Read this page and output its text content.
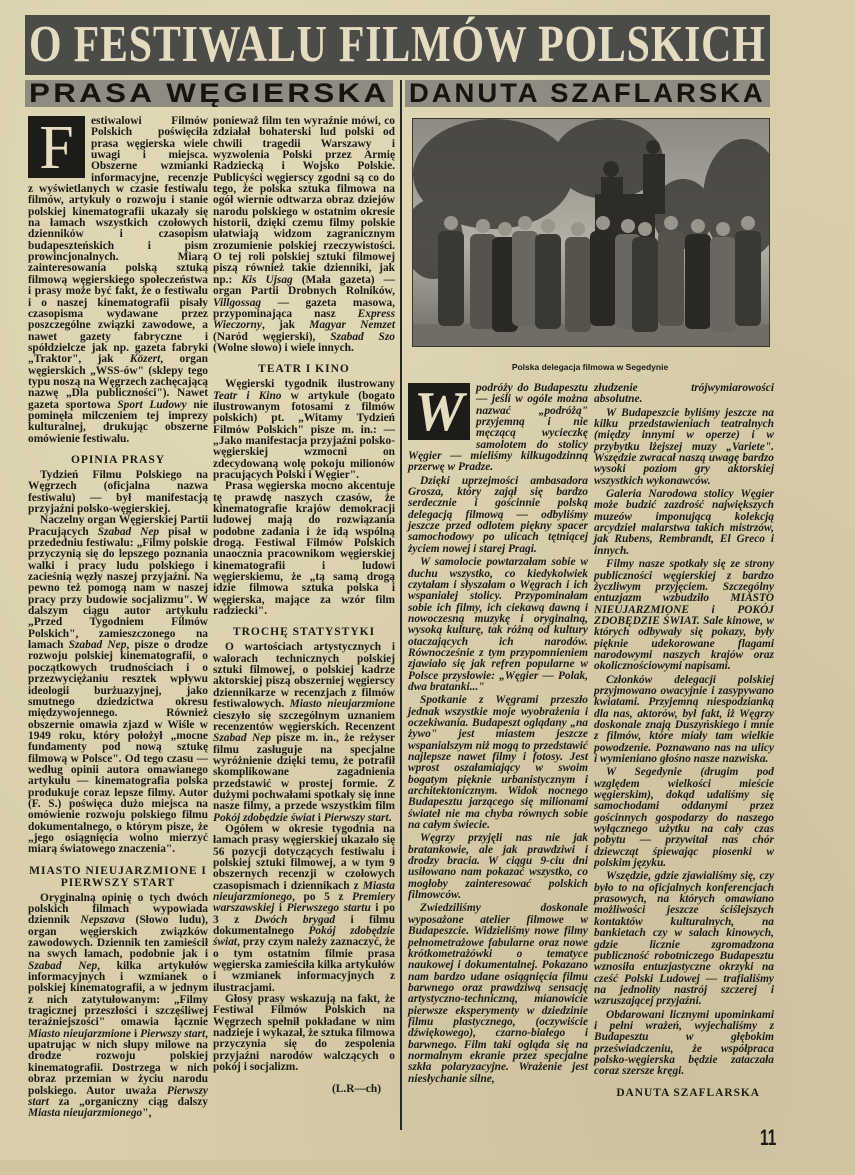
O FESTIWALU FILMÓW POLSKICH
PRASA WĘGIERSKA DANUTA SZAFLARSKA

F	estiwalowi Filmów Polskich poświęciła prasa węgierska wiele uwagi i miejsca. Obszerne wzmianki informacyjne, recenzje z wyświetlanych w czasie festiwalu filmów, artykuły o rozwoju i stanie polskiej kinematografii ukazały się na łamach wszystkich czołowych dzienników i czasopism budapeszteńskich i pism prowincjonalnych. Miarą zainteresowania polską sztuką filmową węgierskiego społeczeństwa i prasy może być fakt, że o festiwalu i o naszej kinematografii pisały czasopisma wydawane przez poszczególne związki zawodowe, a nawet gazety fabryczne i spółdzielcze jak np. gazeta fabryki „Traktor", jak Közert, organ węgierskich „WSS-ów" (sklepy tego typu noszą na Węgrzech zachęcającą nazwę „Dla publiczności"). Nawet gazeta sportowa Sport Ludowy nie pominęła milczeniem tej imprezy kulturalnej, drukując obszerne omówienie festiwalu.

OPINIA PRASY

Tydzień Filmu Polskiego na Węgrzech (oficjalna nazwa festiwalu) — był manifestacją przyjaźni polsko-węgierskiej.

Naczelny organ Węgierskiej Partii Pracujących Szabad Nep pisał w przededniu festiwalu: „Filmy polskie przyczynią się do lepszego poznania walki i pracy ludu polskiego i zacieśnią węzły naszej przyjaźni. Na pewno też pomogą nam w naszej pracy przy budowie socjalizmu". W dalszym ciągu autor artykułu „Przed Tygodniem Filmów Polskich", zamieszczonego na łamach Szabad Nep, pisze o drodze rozwoju polskiej kinematografii, o początkowych trudnościach i o przezwyciężaniu resztek wpływu ideologii burżuazyjnej, jako smutnego dziedzictwa okresu międzywojennego. Również obszernie omawia zjazd w Wiśle w 1949 roku, który położył „mocne fundamenty pod nową sztukę filmową w Polsce". Od tego czasu — według opinii autora omawianego artykułu — kinematografia polska produkuje coraz lepsze filmy. Autor (F. S.) poświęca dużo miejsca na omówienie rozwoju polskiego filmu dokumentalnego, o którym pisze, że „jego osiągnięcia wolno mierzyć miarą światowego znaczenia".

MIASTO NIEUJARZMIONE I PIERWSZY START

Oryginalną opinię o tych dwóch polskich filmach wypowiada dziennik Nepszava (Słowo ludu), organ węgierskich związków zawodowych. Dziennik ten zamieścił na swych łamach, podobnie jak i Szabad Nep, kilka artykułów informacyjnych i wzmianek o polskiej kinematografii, a w jednym z nich zatytułowanym: „Filmy tragicznej przeszłości i szczęśliwej teraźniejszości" omawia łącznie Miasto nieujarzmione i Pierwszy start, upatrując w nich słupy milowe na drodze rozwoju polskiej kinematografii. Dostrzega w nich obraz przemian w życiu narodu polskiego. Autor uważa Pierwszy start za „organiczny ciąg dalszy Miasta nieujarzmionego",

ponieważ film ten wyraźnie mówi, co zdziałał bohaterski lud polski od chwili tragedii Warszawy i wyzwolenia Polski przez Armię Radziecką i Wojsko Polskie. Publicyści węgierscy zgodni są co do tego, że polska sztuka filmowa na ogół wiernie odtwarza obraz dziejów narodu polskiego w ostatnim okresie historii, dzięki czemu filmy polskie ułatwiają widzom zagranicznym zrozumienie polskiej rzeczywistości. O tej roli polskiej sztuki filmowej piszą również takie dzienniki, jak np.: Kis Ujsag (Mała gazeta) — organ Partii Drobnych Rolników, Villgossag — gazeta masowa, przypominająca nasz Express Wieczorny, jak Magyar Nemzet (Naród węgierski), Szabad Szo (Wolne słowo) i wiele innych.

TEATR I KINO

Węgierski tygodnik ilustrowany Teatr i Kino w artykule (bogato ilustrowanym fotosami z filmów polskich) pt. „Witamy Tydzień Filmów Polskich" pisze m. in.: — „Jako manifestacja przyjaźni polsko-węgierskiej wzmocni on zdecydowaną wolę pokoju milionów pracujących Polski i Węgier".

Prasa węgierska mocno akcentuje tę prawdę naszych czasów, że kinematografie krajów demokracji ludowej mają do rozwiązania podobne zadania i że idą wspólną drogą. Festiwal Filmów Polskich unaocznia pracownikom węgierskiej kinematografii i ludowi węgierskiemu, że „tą samą drogą idzie filmowa sztuka polska i węgierska, mające za wzór film radziecki".

TROCHĘ STATYSTYKI

O wartościach artystycznych i walorach technicznych polskiej sztuki filmowej, o polskiej kadrze aktorskiej piszą obszerniej węgierscy dziennikarze w recenzjach z filmów festiwalowych. Miasto nieujarzmione cieszyło się szczególnym uznaniem recenzentów węgierskich. Recenzent Szabad Nep pisze m. in., że reżyser filmu zasługuje na specjalne wyróżnienie dzięki temu, że potrafił skomplikowane zagadnienia przedstawić w prostej formie. Z dużymi pochwałami spotkały się inne nasze filmy, a przede wszystkim film Pokój zdobędzie świat i Pierwszy start.

Ogółem w okresie tygodnia na łamach prasy węgierskiej ukazało się 56 pozycji dotyczących festiwalu i polskiej sztuki filmowej, a w tym 9 obszernych recenzji w czołowych czasopismach i dziennikach z Miasta nieujarzmionego, po 5 z Premiery warszawskiej i Pierwszego startu i po 3 z Dwóch brygad i filmu dokumentalnego Pokój zdobędzie świat, przy czym należy zaznaczyć, że o tym ostatnim filmie prasa węgierska zamieściła kilka artykułów i wzmianek informacyjnych z ilustracjami.

Głosy prasy wskazują na fakt, że Festiwal Filmów Polskich na Węgrzech spełnił pokładane w nim nadzieje i wykazał, że sztuka filmowa przyczynia się do zespolenia przyjaźni narodów walczących o pokój i socjalizm.

(L.R—ch)
Polska delegacja filmowa w Segedynie

W	podróży do Budapesztu — jeśli w ogóle można nazwać „podróżą" przyjemną i nie męczącą wycieczkę samolotem do stolicy Węgier — mieliśmy kilkugodzinną przerwę w Pradze.

Dzięki uprzejmości ambasadora Grosza, który zajął się bardzo serdecznie i gościnnie polską delegacją filmową — odbyliśmy jeszcze przed odlotem piękny spacer samochodowy po ulicach tętniącej życiem nowej i starej Pragi.

W samolocie powtarzałam sobie w duchu wszystko, co kiedykolwiek czytałam i słyszałam o Węgrach i ich wspaniałej stolicy. Przypominałam sobie ich filmy, ich ciekawą dawną i nowoczesną muzykę i oryginalną, wysoką kulturę, tak różną od kultury otaczających ich narodów. Równocześnie z tym przypomnieniem zjawiało się jak refren popularne w Polsce przysłowie: „Węgier — Polak, dwa bratanki..."

Spotkanie z Węgrami przeszło jednak wszystkie moje wyobrażenia i oczekiwania. Budapeszt oglądany „na żywo" jest miastem jeszcze wspanialszym niż mogą to przedstawić najlepsze nawet filmy i fotosy. Jest wprost oszałamiający w swoim bogatym pięknie urbanistycznym i architektonicznym. Widok nocnego Budapesztu jarzącego się milionami świateł nie ma chyba równych sobie na całym świecie.

Węgrzy przyjęli nas nie jak bratankowie, ale jak prawdziwi i drodzy bracia. W ciągu 9-ciu dni usiłowano nam pokazać wszystko, co mogłoby zainteresować polskich filmowców.

Zwiedziliśmy doskonale wyposażone atelier filmowe w Budapeszcie. Widzieliśmy nowe filmy pełnometrażowe fabularne oraz nowe krótkometrażówki o tematyce naukowej i dokumentalnej. Pokazano nam bardzo udane osiągnięcia filmu barwnego oraz prawdziwą sensację artystyczno-techniczną, mianowicie pierwsze eksperymenty w dziedzinie filmu plastycznego, (oczywiście dźwiękowego), czarno-białego i barwnego. Film taki ogląda się na normalnym ekranie przez specjalne szkła polaryzacyjne. Wrażenie jest niesłychanie silne,

złudzenie trójwymiarowości absolutne.

W Budapeszcie byliśmy jeszcze na kilku przedstawieniach teatralnych (między innymi w operze) i w przybytku lżejszej muzy „Variete". Wszędzie zwracał naszą uwagę bardzo wysoki poziom gry aktorskiej wszystkich wykonawców.

Galeria Narodowa stolicy Węgier może budzić zazdrość największych muzeów imponującą kolekcją arcydzieł malarstwa takich mistrzów, jak Rubens, Rembrandt, El Greco i innych.

Filmy nasze spotkały się ze strony publiczności węgierskiej z bardzo życzliwym przyjęciem. Szczególny entuzjazm wzbudziło MIASTO NIEUJARZMIONE i POKÓJ ZDOBĘDZIE ŚWIAT. Sale kinowe, w których odbywały się pokazy, były pięknie udekorowane flagami narodowymi naszych krajów oraz okolicznościowymi napisami.

Członków delegacji polskiej przyjmowano owacyjnie i zasypywano kwiatami. Przyjemną niespodzianką dla nas, aktorów, był fakt, iż Węgrzy doskonale znają Duszyńskiego i mnie z filmów, które miały tam wielkie powodzenie. Poznawano nas na ulicy i wymieniano głośno nasze nazwiska.

W Segedynie (drugim pod względem wielkości mieście węgierskim), dokąd udaliśmy się samochodami oddanymi przez gościnnych gospodarzy do naszego wyłącznego użytku na cały czas pobytu — przywitał nas chór dziewcząt śpiewając piosenki w polskim języku.

Wszędzie, gdzie zjawialiśmy się, czy było to na oficjalnych konferencjach prasowych, na których omawiano możliwości jeszcze ściślejszych kontaktów kulturalnych, na bankietach czy w salach kinowych, gdzie licznie zgromadzona publiczność robotniczego Budapesztu wznosiła entuzjastyczne okrzyki na cześć Polski Ludowej — trafialiśmy na jednolity nastrój szczerej i wzruszającej przyjaźni.

Obdarowani licznymi upominkami i pełni wrażeń, wyjechaliśmy z Budapesztu w głębokim przeświadczeniu, że współpraca polsko-węgierska będzie zataczała coraz szersze kręgi.

DANUTA SZAFLARSKA
11
